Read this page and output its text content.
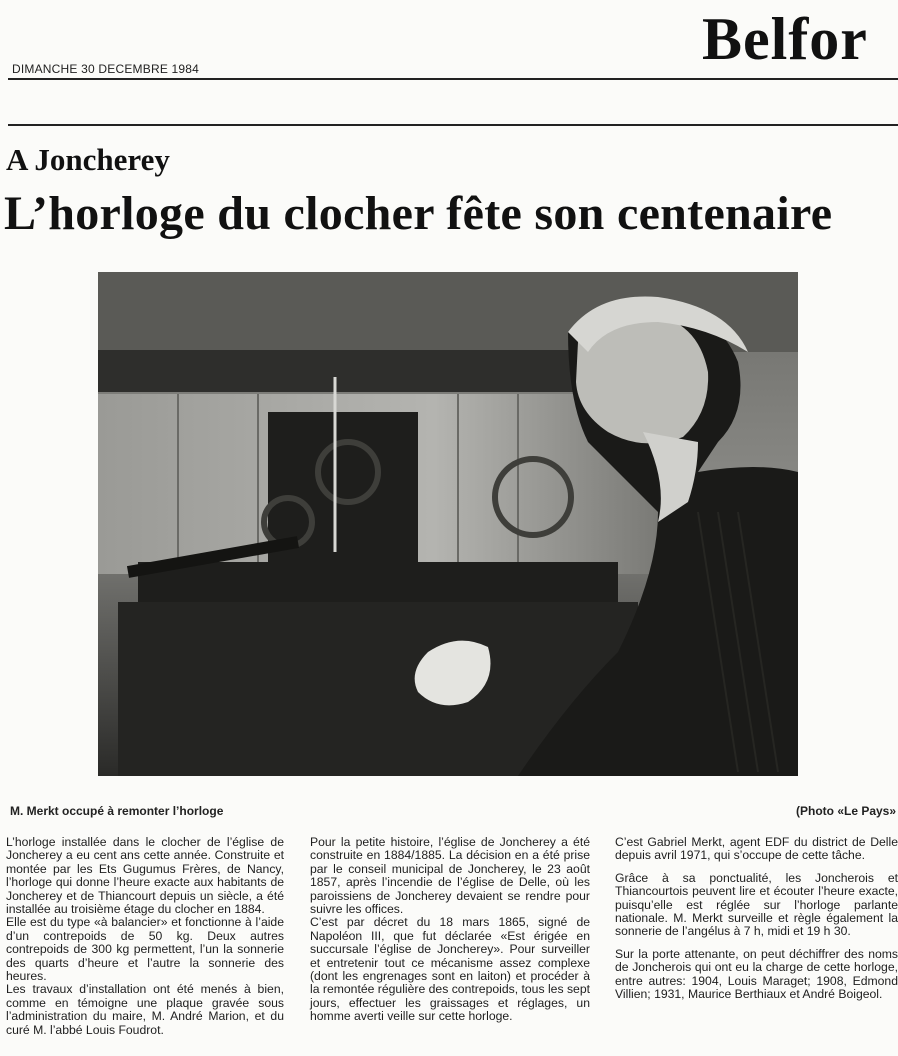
Belfor
DIMANCHE 30 DECEMBRE 1984
A Joncherey
L’horloge du clocher fête son centenaire
M. Merkt occupé à remonter l’horloge	(Photo «Le Pays»

L’horloge installée dans le clocher de l’église de Joncherey a eu cent ans cette année. Construite et montée par les Ets Gugumus Frères, de Nancy, l’horloge qui donne l’heure exacte aux habitants de Joncherey et de Thiancourt depuis un siècle, a été installée au troisième étage du clocher en 1884.

Elle est du type «à balancier» et fonctionne à l’aide d’un contrepoids de 50 kg. Deux autres contrepoids de 300 kg permettent, l’un la sonnerie des quarts d’heure et l’autre la sonnerie des heures.

Les travaux d’installation ont été menés à bien, comme en témoigne une plaque gravée sous l’administration du maire, M. André Marion, et du curé M. l’abbé Louis Foudrot.

Pour la petite histoire, l’église de Joncherey a été construite en 1884/1885. La décision en a été prise par le conseil municipal de Joncherey, le 23 août 1857, après l’incendie de l’église de Delle, où les paroissiens de Joncherey devaient se rendre pour suivre les offices.

C’est par décret du 18 mars 1865, signé de Napoléon III, que fut déclarée «Est érigée en succursale l’église de Joncherey». Pour surveiller et entretenir tout ce mécanisme assez complexe (dont les engrenages sont en laiton) et procéder à la remontée régulière des contrepoids, tous les sept jours, effectuer les graissages et réglages, un homme averti veille sur cette horloge.

C’est Gabriel Merkt, agent EDF du district de Delle depuis avril 1971, qui s’occupe de cette tâche.

Grâce à sa ponctualité, les Joncherois et Thiancourtois peuvent lire et écouter l’heure exacte, puisqu’elle est réglée sur l’horloge parlante nationale. M. Merkt surveille et règle également la sonnerie de l’angélus à 7 h, midi et 19 h 30.

Sur la porte attenante, on peut déchiffrer des noms de Joncherois qui ont eu la charge de cette horloge, entre autres: 1904, Louis Maraget; 1908, Edmond Villien; 1931, Maurice Berthiaux et André Boigeol.
